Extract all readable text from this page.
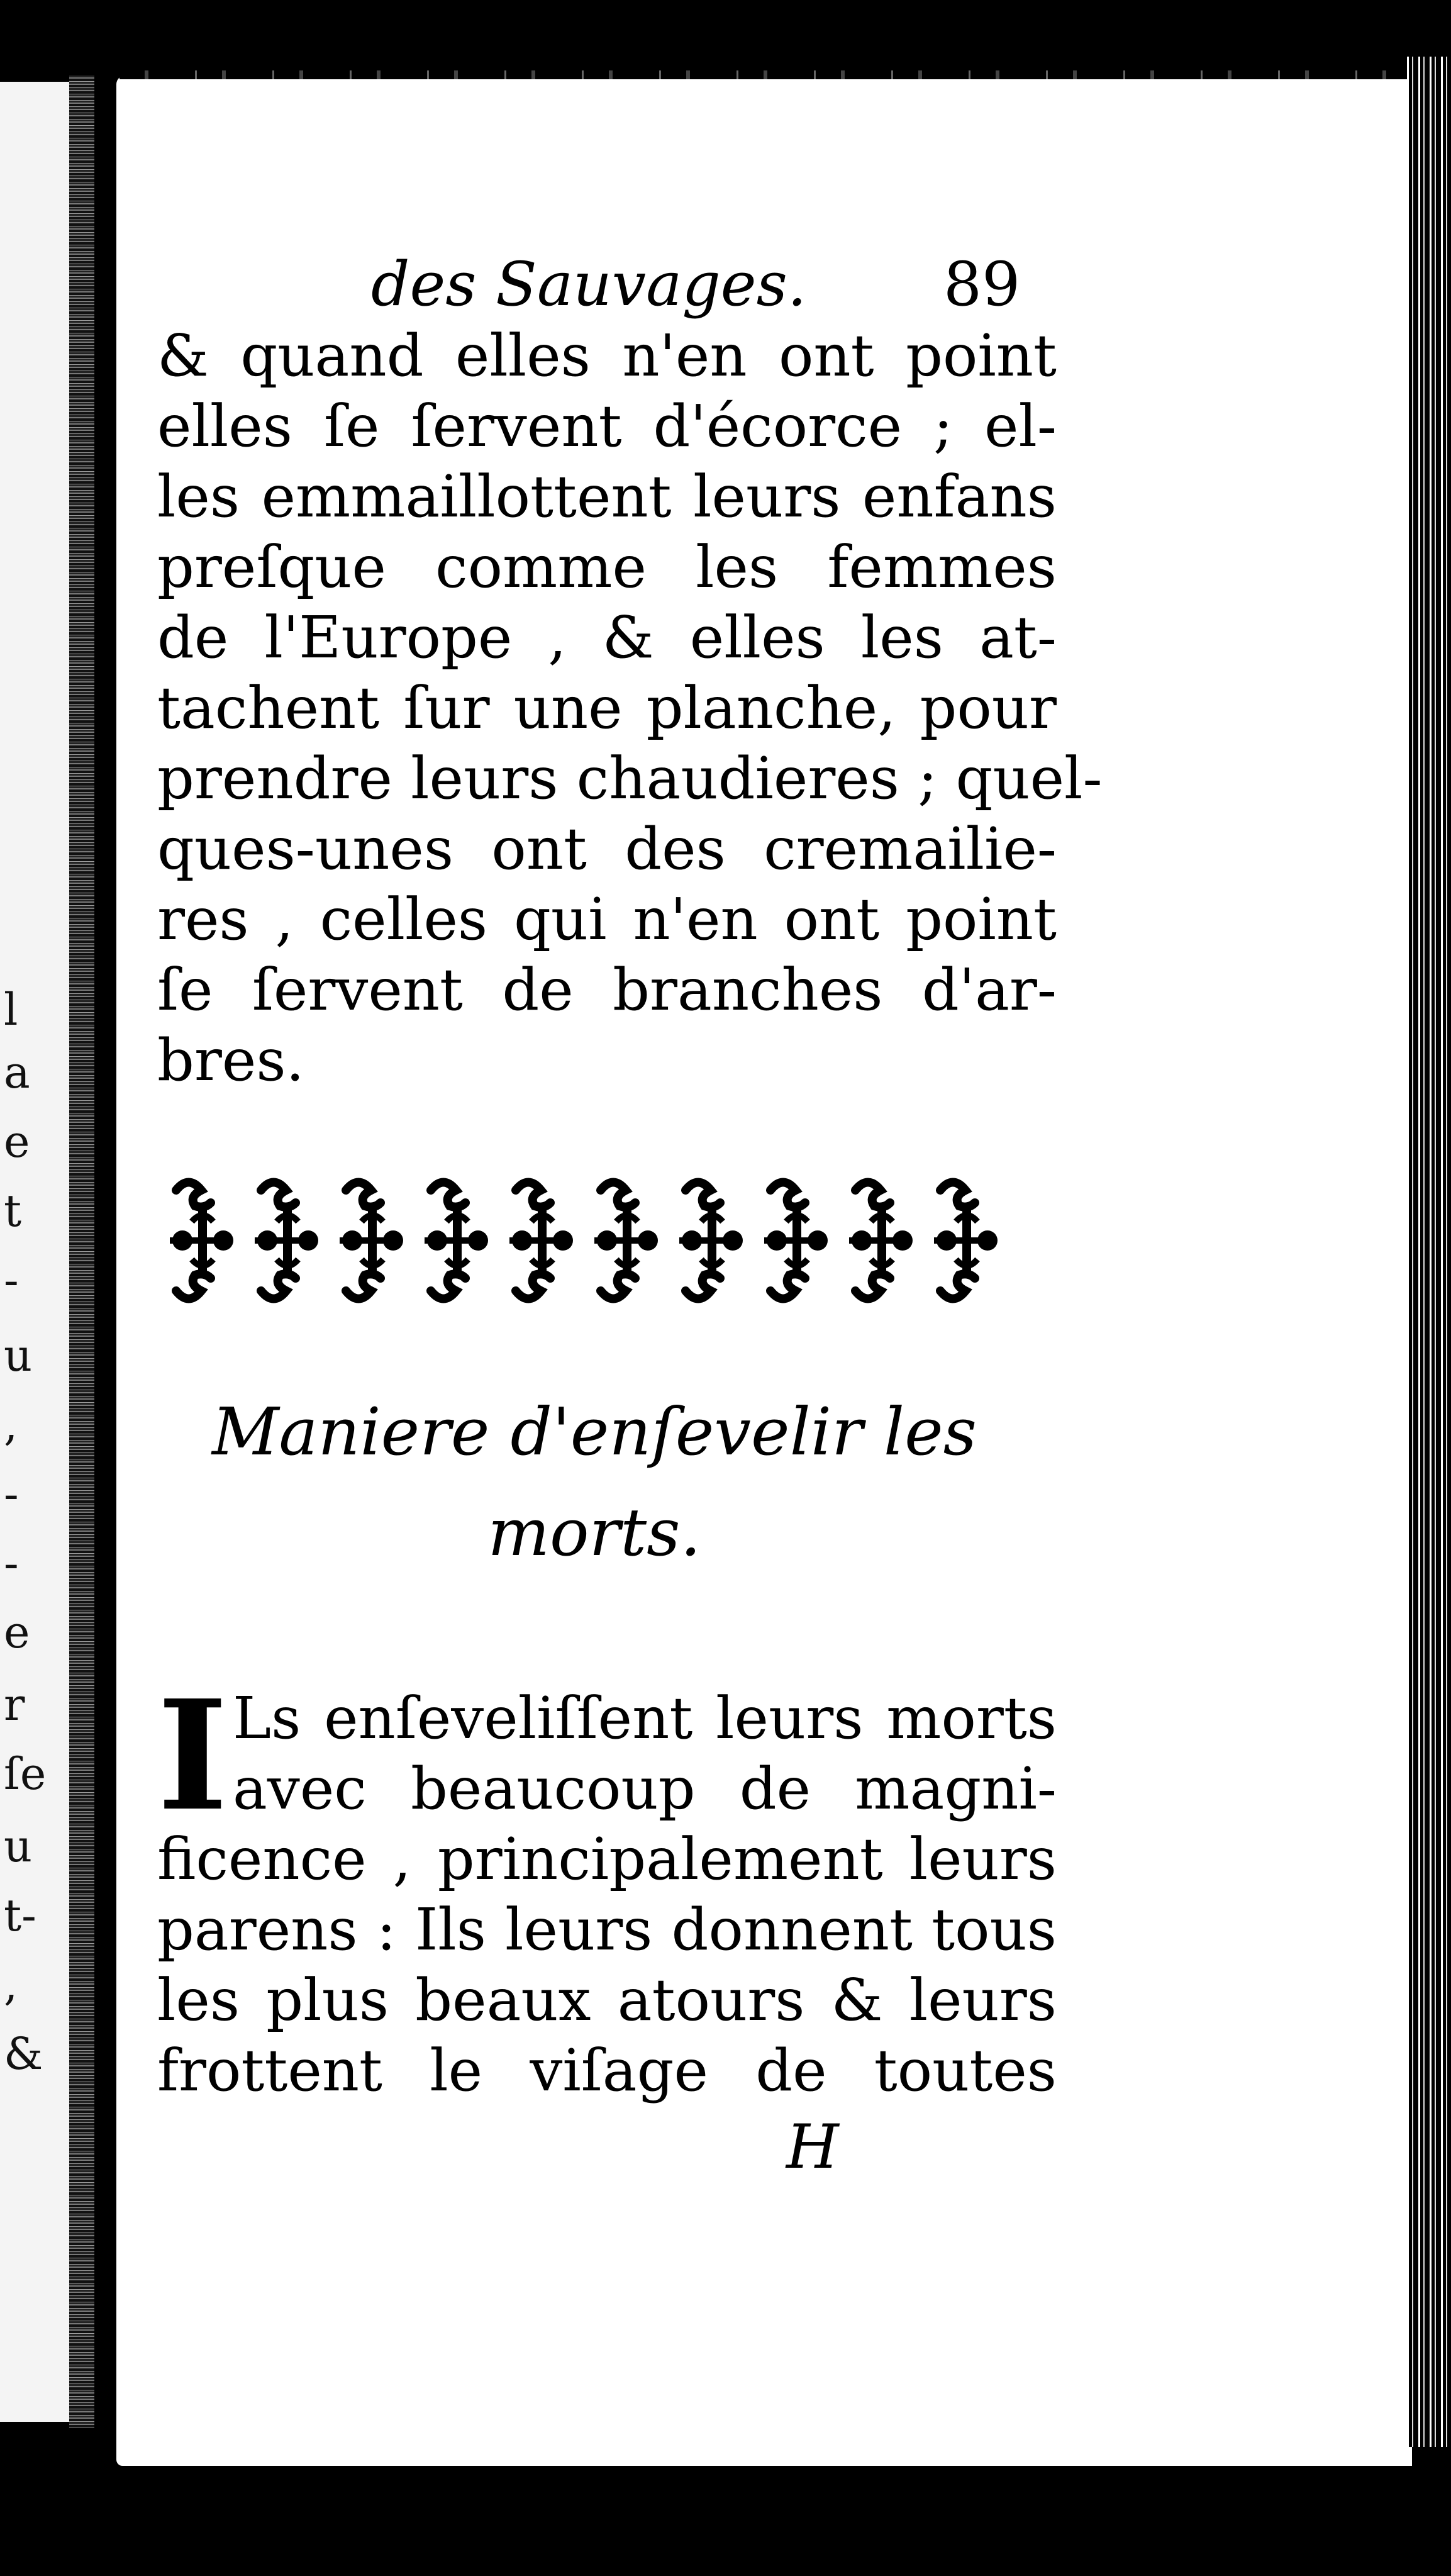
l
a
e
t
-
u
,
-
-
e
r
ſe
u
t-
,
&
des Sauvages. 89
& quand elles n'en ont point
elles ſe ſervent d'écorce ; el-
les emmaillottent leurs enfans
preſque comme les femmes
de l'Europe , & elles les at-
tachent ſur une planche, pour
prendre leurs chaudieres ; quel-
ques-unes ont des cremailie-
res , celles qui n'en ont point
ſe ſervent de branches d'ar-
bres.
Maniere d'enſevelir les
morts.
I Ls enſeveliſſent leurs morts
avec beaucoup de magni-
ficence , principalement leurs
parens : Ils leurs donnent tous
les plus beaux atours & leurs
frottent le viſage de toutes
H
